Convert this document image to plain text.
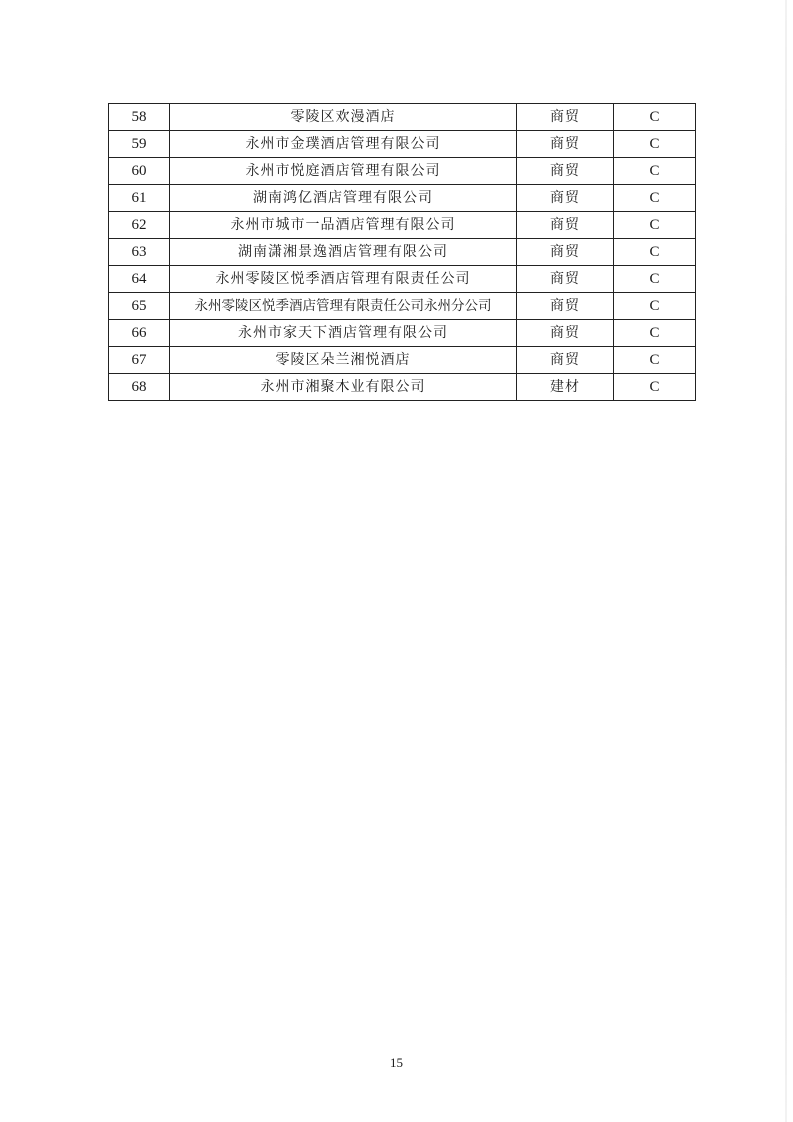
58	零陵区欢漫酒店	商贸	C
59	永州市金璞酒店管理有限公司	商贸	C
60	永州市悦庭酒店管理有限公司	商贸	C
61	湖南鸿亿酒店管理有限公司	商贸	C
62	永州市城市一品酒店管理有限公司	商贸	C
63	湖南潇湘景逸酒店管理有限公司	商贸	C
64	永州零陵区悦季酒店管理有限责任公司	商贸	C
65	永州零陵区悦季酒店管理有限责任公司永州分公司	商贸	C
66	永州市家天下酒店管理有限公司	商贸	C
67	零陵区朵兰湘悦酒店	商贸	C
68	永州市湘聚木业有限公司	建材	C
15
